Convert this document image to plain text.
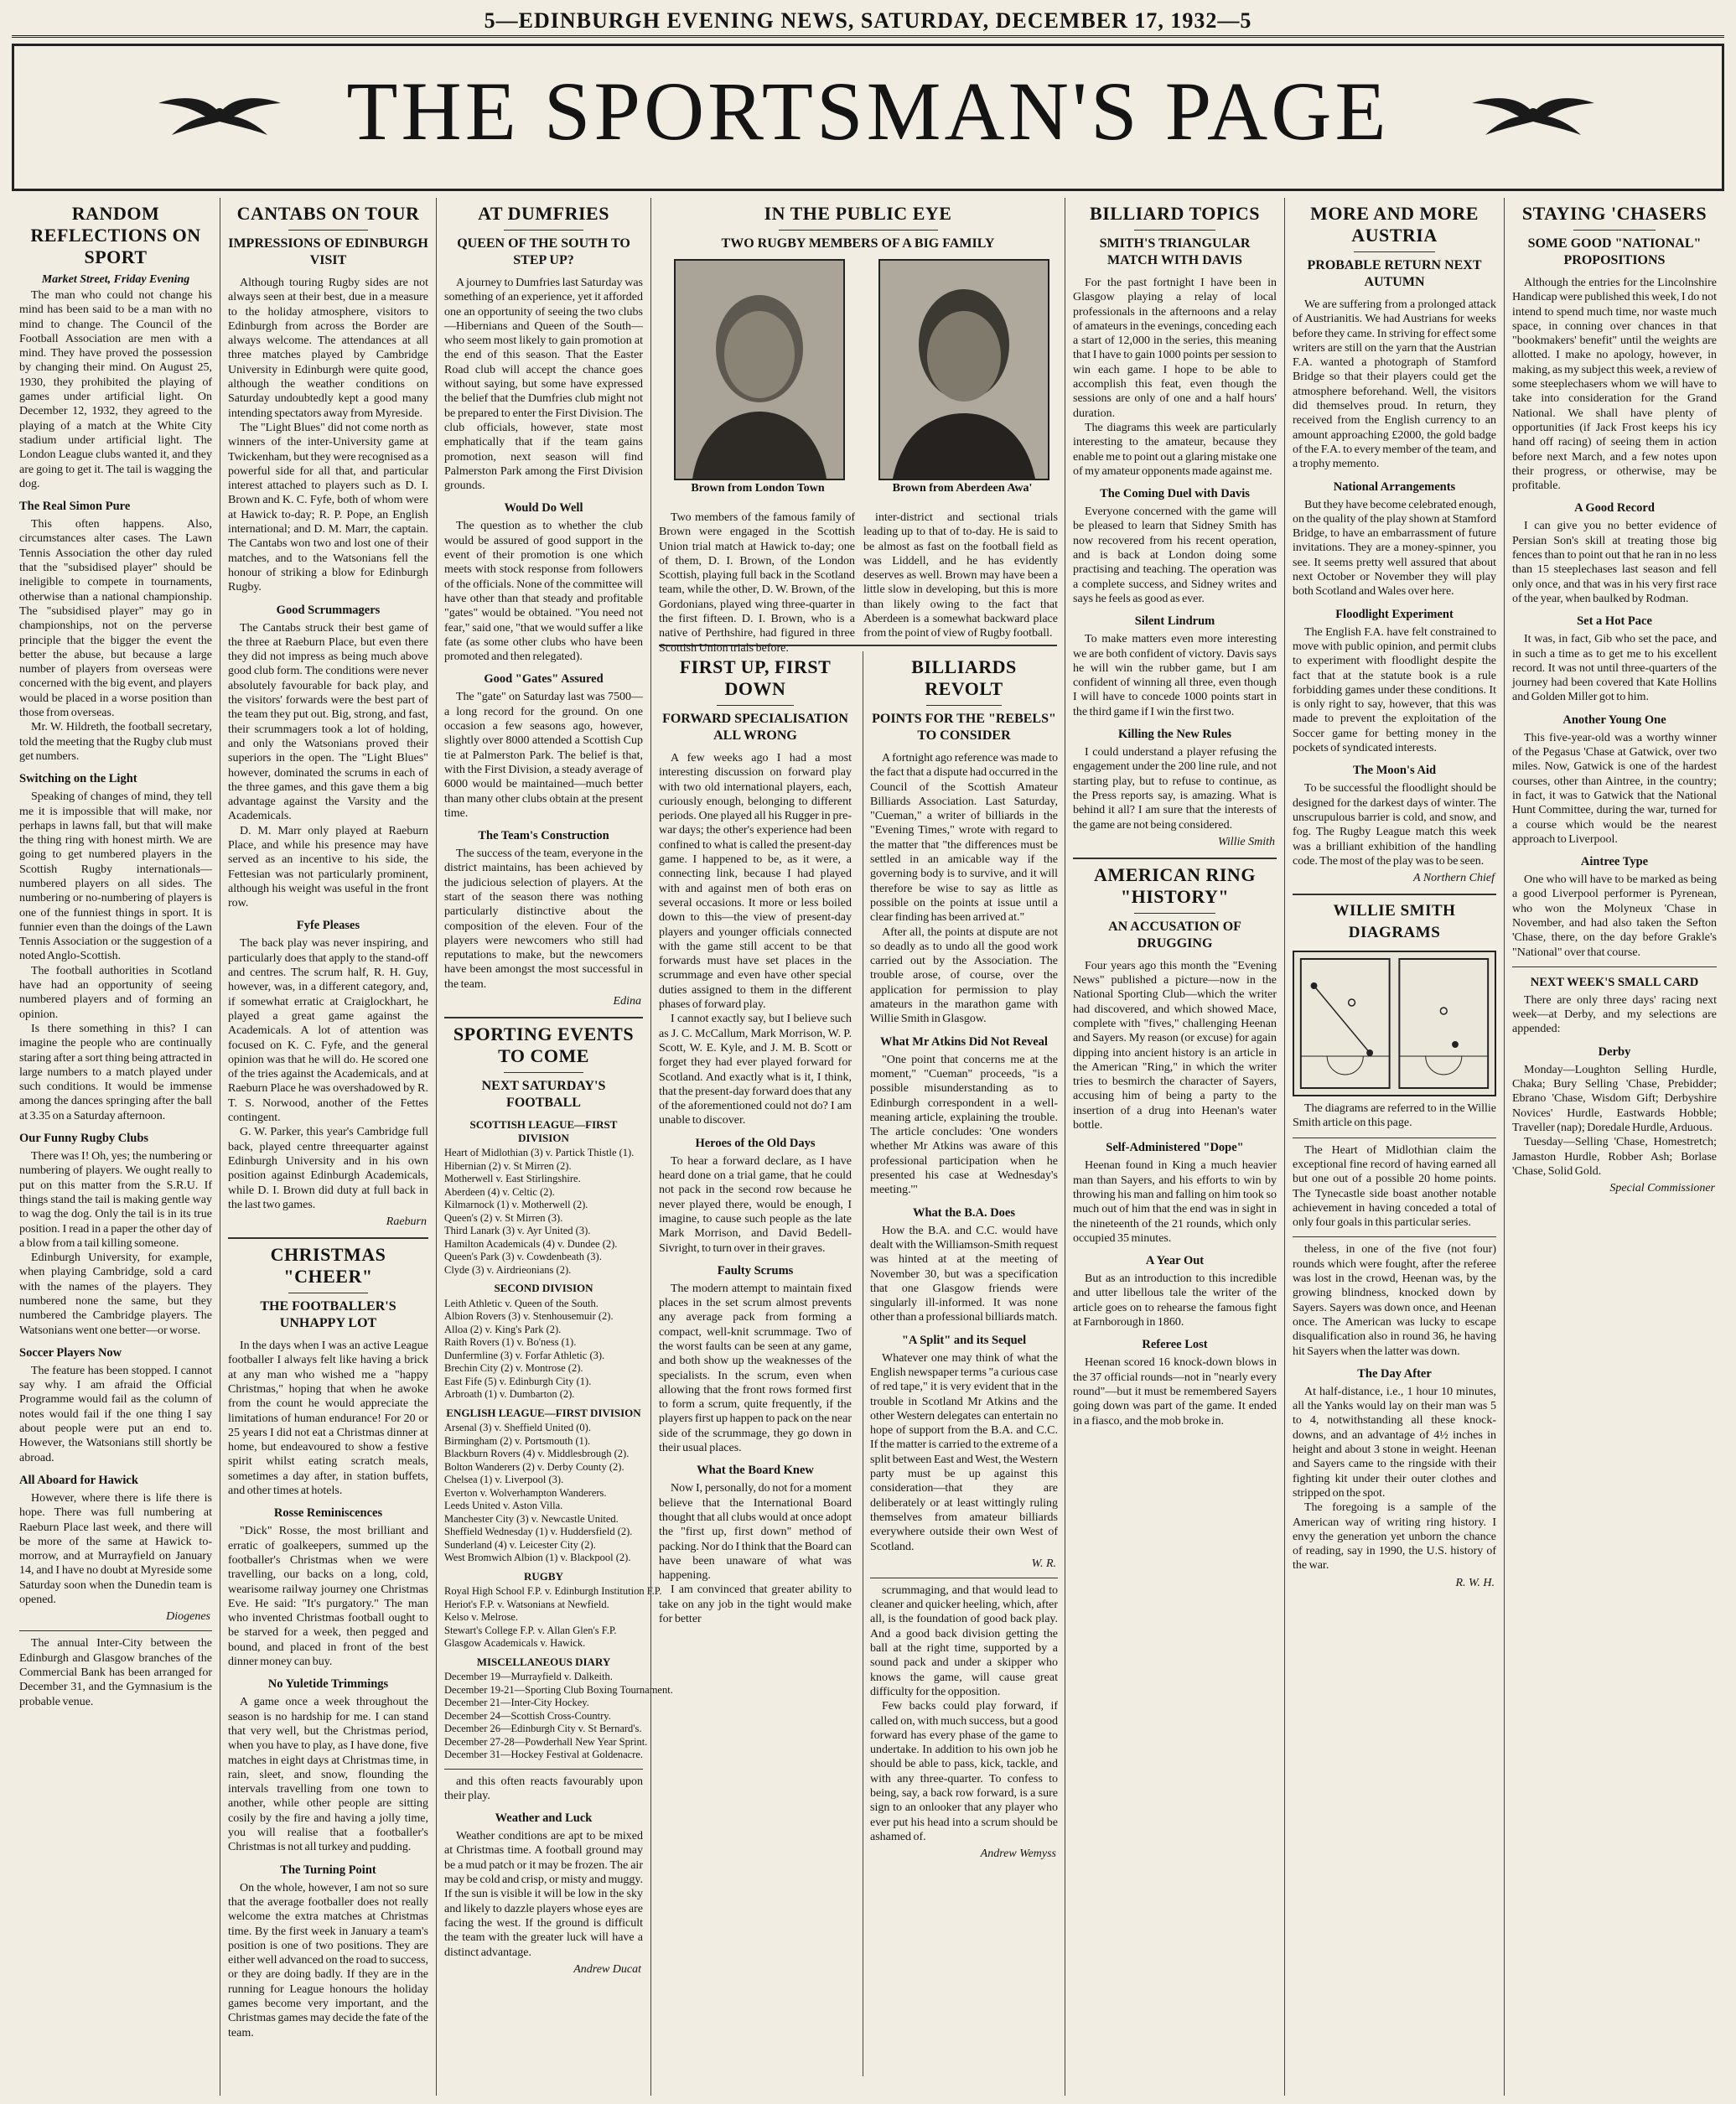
5—EDINBURGH EVENING NEWS, SATURDAY, DECEMBER 17, 1932—5
THE SPORTSMAN'S PAGE
RANDOM REFLECTIONS ON SPORT
Market Street, Friday Evening

The man who could not change his mind has been said to be a man with no mind to change. The Council of the Football Association are men with a mind. They have proved the possession by changing their mind. On August 25, 1930, they prohibited the playing of games under artificial light. On December 12, 1932, they agreed to the playing of a match at the White City stadium under artificial light. The London League clubs wanted it, and they are going to get it. The tail is wagging the dog.

The Real Simon Pure

This often happens. Also, circumstances alter cases. The Lawn Tennis Association the other day ruled that the "subsidised player" should be ineligible to compete in tournaments, otherwise than a national championship. The "subsidised player" may go in championships, not on the perverse principle that the bigger the event the better the abuse, but because a large number of players from overseas were concerned with the big event, and players would be placed in a worse position than those from overseas.

Mr. W. Hildreth, the football secretary, told the meeting that the Rugby club must get numbers.

Switching on the Light

Speaking of changes of mind, they tell me it is impossible that will make, nor perhaps in lawns fall, but that will make the thing ring with honest mirth. We are going to get numbered players in the Scottish Rugby internationals—numbered players on all sides. The numbering or no-numbering of players is one of the funniest things in sport. It is funnier even than the doings of the Lawn Tennis Association or the suggestion of a noted Anglo-Scottish.

The football authorities in Scotland have had an opportunity of seeing numbered players and of forming an opinion.

Is there something in this? I can imagine the people who are continually staring after a sort thing being attracted in large numbers to a match played under such conditions. It would be immense among the dances springing after the ball at 3.35 on a Saturday afternoon.

Our Funny Rugby Clubs

There was I! Oh, yes; the numbering or numbering of players. We ought really to put on this matter from the S.R.U. If things stand the tail is making gentle way to wag the dog. Only the tail is in its true position. I read in a paper the other day of a blow from a tail killing someone.

Edinburgh University, for example, when playing Cambridge, sold a card with the names of the players. They numbered none the same, but they numbered the Cambridge players. The Watsonians went one better—or worse.

Soccer Players Now

The feature has been stopped. I cannot say why. I am afraid the Official Programme would fail as the column of notes would fail if the one thing I say about people were put an end to. However, the Watsonians still shortly be abroad.

All Aboard for Hawick

However, where there is life there is hope. There was full numbering at Raeburn Place last week, and there will be more of the same at Hawick to-morrow, and at Murrayfield on January 14, and I have no doubt at Myreside some Saturday soon when the Dunedin team is opened.

Diogenes

The annual Inter-City between the Edinburgh and Glasgow branches of the Commercial Bank has been arranged for December 31, and the Gymnasium is the probable venue.

CANTABS ON TOUR
IMPRESSIONS OF EDINBURGH VISIT

Although touring Rugby sides are not always seen at their best, due in a measure to the holiday atmosphere, visitors to Edinburgh from across the Border are always welcome. The attendances at all three matches played by Cambridge University in Edinburgh were quite good, although the weather conditions on Saturday undoubtedly kept a good many intending spectators away from Myreside.

The "Light Blues" did not come north as winners of the inter-University game at Twickenham, but they were recognised as a powerful side for all that, and particular interest attached to players such as D. I. Brown and K. C. Fyfe, both of whom were at Hawick to-day; R. P. Pope, an English international; and D. M. Marr, the captain. The Cantabs won two and lost one of their matches, and to the Watsonians fell the honour of striking a blow for Edinburgh Rugby.

Good Scrummagers

The Cantabs struck their best game of the three at Raeburn Place, but even there they did not impress as being much above good club form. The conditions were never absolutely favourable for back play, and the visitors' forwards were the best part of the team they put out. Big, strong, and fast, their scrummagers took a lot of holding, and only the Watsonians proved their superiors in the open. The "Light Blues" however, dominated the scrums in each of the three games, and this gave them a big advantage against the Varsity and the Academicals.

D. M. Marr only played at Raeburn Place, and while his presence may have served as an incentive to his side, the Fettesian was not particularly prominent, although his weight was useful in the front row.

Fyfe Pleases

The back play was never inspiring, and particularly does that apply to the stand-off and centres. The scrum half, R. H. Guy, however, was, in a different category, and, if somewhat erratic at Craiglockhart, he played a great game against the Academicals. A lot of attention was focused on K. C. Fyfe, and the general opinion was that he will do. He scored one of the tries against the Academicals, and at Raeburn Place he was overshadowed by R. T. S. Norwood, another of the Fettes contingent.

G. W. Parker, this year's Cambridge full back, played centre threequarter against Edinburgh University and in his own position against Edinburgh Academicals, while D. I. Brown did duty at full back in the last two games.

Raeburn
CHRISTMAS "CHEER"
THE FOOTBALLER'S UNHAPPY LOT

In the days when I was an active League footballer I always felt like having a brick at any man who wished me a "happy Christmas," hoping that when he awoke from the count he would appreciate the limitations of human endurance! For 20 or 25 years I did not eat a Christmas dinner at home, but endeavoured to show a festive spirit whilst eating scratch meals, sometimes a day after, in station buffets, and other times at hotels.

Rosse Reminiscences

"Dick" Rosse, the most brilliant and erratic of goalkeepers, summed up the footballer's Christmas when we were travelling, our backs on a long, cold, wearisome railway journey one Christmas Eve. He said: "It's purgatory." The man who invented Christmas football ought to be starved for a week, then pegged and bound, and placed in front of the best dinner money can buy.

No Yuletide Trimmings

A game once a week throughout the season is no hardship for me. I can stand that very well, but the Christmas period, when you have to play, as I have done, five matches in eight days at Christmas time, in rain, sleet, and snow, flounding the intervals travelling from one town to another, while other people are sitting cosily by the fire and having a jolly time, you will realise that a footballer's Christmas is not all turkey and pudding.

The Turning Point

On the whole, however, I am not so sure that the average footballer does not really welcome the extra matches at Christmas time. By the first week in January a team's position is one of two positions. They are either well advanced on the road to success, or they are doing badly. If they are in the running for League honours the holiday games become very important, and the Christmas games may decide the fate of the team.

AT DUMFRIES
QUEEN OF THE SOUTH TO STEP UP?

A journey to Dumfries last Saturday was something of an experience, yet it afforded one an opportunity of seeing the two clubs—Hibernians and Queen of the South—who seem most likely to gain promotion at the end of this season. That the Easter Road club will accept the chance goes without saying, but some have expressed the belief that the Dumfries club might not be prepared to enter the First Division. The club officials, however, state most emphatically that if the team gains promotion, next season will find Palmerston Park among the First Division grounds.

Would Do Well

The question as to whether the club would be assured of good support in the event of their promotion is one which meets with stock response from followers of the officials. None of the committee will have other than that steady and profitable "gates" would be obtained. "You need not fear," said one, "that we would suffer a like fate (as some other clubs who have been promoted and then relegated).

Good "Gates" Assured

The "gate" on Saturday last was 7500—a long record for the ground. On one occasion a few seasons ago, however, slightly over 8000 attended a Scottish Cup tie at Palmerston Park. The belief is that, with the First Division, a steady average of 6000 would be maintained—much better than many other clubs obtain at the present time.

The Team's Construction

The success of the team, everyone in the district maintains, has been achieved by the judicious selection of players. At the start of the season there was nothing particularly distinctive about the composition of the eleven. Four of the players were newcomers who still had reputations to make, but the newcomers have been amongst the most successful in the team.

Edina
SPORTING EVENTS TO COME
NEXT SATURDAY'S FOOTBALL
SCOTTISH LEAGUE—FIRST DIVISION
Heart of Midlothian (3) v. Partick Thistle (1).
Hibernian (2) v. St Mirren (2).
Motherwell v. East Stirlingshire.
Aberdeen (4) v. Celtic (2).
Kilmarnock (1) v. Motherwell (2).
Queen's (2) v. St Mirren (3).
Third Lanark (3) v. Ayr United (3).
Hamilton Academicals (4) v. Dundee (2).
Queen's Park (3) v. Cowdenbeath (3).
Clyde (3) v. Airdrieonians (2).
SECOND DIVISION
Leith Athletic v. Queen of the South.
Albion Rovers (3) v. Stenhousemuir (2).
Alloa (2) v. King's Park (2).
Raith Rovers (1) v. Bo'ness (1).
Dunfermline (3) v. Forfar Athletic (3).
Brechin City (2) v. Montrose (2).
East Fife (5) v. Edinburgh City (1).
Arbroath (1) v. Dumbarton (2).
ENGLISH LEAGUE—FIRST DIVISION
Arsenal (3) v. Sheffield United (0).
Birmingham (2) v. Portsmouth (1).
Blackburn Rovers (4) v. Middlesbrough (2).
Bolton Wanderers (2) v. Derby County (2).
Chelsea (1) v. Liverpool (3).
Everton v. Wolverhampton Wanderers.
Leeds United v. Aston Villa.
Manchester City (3) v. Newcastle United.
Sheffield Wednesday (1) v. Huddersfield (2).
Sunderland (4) v. Leicester City (2).
West Bromwich Albion (1) v. Blackpool (2).
RUGBY
Royal High School F.P. v. Edinburgh Institution F.P.
Heriot's F.P. v. Watsonians at Newfield.
Kelso v. Melrose.
Stewart's College F.P. v. Allan Glen's F.P.
Glasgow Academicals v. Hawick.
MISCELLANEOUS DIARY
December 19—Murrayfield v. Dalkeith.
December 19-21—Sporting Club Boxing Tournament.
December 21—Inter-City Hockey.
December 24—Scottish Cross-Country.
December 26—Edinburgh City v. St Bernard's.
December 27-28—Powderhall New Year Sprint.
December 31—Hockey Festival at Goldenacre.

and this often reacts favourably upon their play.

Weather and Luck

Weather conditions are apt to be mixed at Christmas time. A football ground may be a mud patch or it may be frozen. The air may be cold and crisp, or misty and muggy. If the sun is visible it will be low in the sky and likely to dazzle players whose eyes are facing the west. If the ground is difficult the team with the greater luck will have a distinct advantage.

Andrew Ducat
IN THE PUBLIC EYE
TWO RUGBY MEMBERS OF A BIG FAMILY
Brown from London Town	Brown from Aberdeen Awa'

Two members of the famous family of Brown were engaged in the Scottish Union trial match at Hawick to-day; one of them, D. I. Brown, of the London Scottish, playing full back in the Scotland team, while the other, D. W. Brown, of the Gordonians, played wing three-quarter in the first fifteen. D. I. Brown, who is a native of Perthshire, had figured in three Scottish Union trials before.

inter-district and sectional trials leading up to that of to-day. He is said to be almost as fast on the football field as was Liddell, and he has evidently deserves as well. Brown may have been a little slow in developing, but this is more than likely owing to the fact that Aberdeen is a somewhat backward place from the point of view of Rugby football.

FIRST UP, FIRST DOWN
FORWARD SPECIALISATION ALL WRONG

A few weeks ago I had a most interesting discussion on forward play with two old international players, each, curiously enough, belonging to different periods. One played all his Rugger in pre-war days; the other's experience had been confined to what is called the present-day game. I happened to be, as it were, a connecting link, because I had played with and against men of both eras on several occasions. It more or less boiled down to this—the view of present-day players and younger officials connected with the game still accent to be that forwards must have set places in the scrummage and even have other special duties assigned to them in the different phases of forward play.

I cannot exactly say, but I believe such as J. C. McCallum, Mark Morrison, W. P. Scott, W. E. Kyle, and J. M. B. Scott or forget they had ever played forward for Scotland. And exactly what is it, I think, that the present-day forward does that any of the aforementioned could not do? I am unable to discover.

Heroes of the Old Days

To hear a forward declare, as I have heard done on a trial game, that he could not pack in the second row because he never played there, would be enough, I imagine, to cause such people as the late Mark Morrison, and David Bedell-Sivright, to turn over in their graves.

Faulty Scrums

The modern attempt to maintain fixed places in the set scrum almost prevents any average pack from forming a compact, well-knit scrummage. Two of the worst faults can be seen at any game, and both show up the weaknesses of the specialists. In the scrum, even when allowing that the front rows formed first to form a scrum, quite frequently, if the players first up happen to pack on the near side of the scrummage, they go down in their usual places.

What the Board Knew

Now I, personally, do not for a moment believe that the International Board thought that all clubs would at once adopt the "first up, first down" method of packing. Nor do I think that the Board can have been unaware of what was happening.

I am convinced that greater ability to take on any job in the tight would make for better

BILLIARDS REVOLT
POINTS FOR THE "REBELS" TO CONSIDER

A fortnight ago reference was made to the fact that a dispute had occurred in the Council of the Scottish Amateur Billiards Association. Last Saturday, "Cueman," a writer of billiards in the "Evening Times," wrote with regard to the matter that "the differences must be settled in an amicable way if the governing body is to survive, and it will therefore be wise to say as little as possible on the points at issue until a clear finding has been arrived at."

After all, the points at dispute are not so deadly as to undo all the good work carried out by the Association. The trouble arose, of course, over the application for permission to play amateurs in the marathon game with Willie Smith in Glasgow.

What Mr Atkins Did Not Reveal

"One point that concerns me at the moment," "Cueman" proceeds, "is a possible misunderstanding as to Edinburgh correspondent in a well-meaning article, explaining the trouble. The article concludes: 'One wonders whether Mr Atkins was aware of this professional participation when he presented his case at Wednesday's meeting.'"

What the B.A. Does

How the B.A. and C.C. would have dealt with the Williamson-Smith request was hinted at at the meeting of November 30, but was a specification that one Glasgow friends were singularly ill-informed. It was none other than a professional billiards match.

"A Split" and its Sequel

Whatever one may think of what the English newspaper terms "a curious case of red tape," it is very evident that in the trouble in Scotland Mr Atkins and the other Western delegates can entertain no hope of support from the B.A. and C.C. If the matter is carried to the extreme of a split between East and West, the Western party must be up against this consideration—that they are deliberately or at least wittingly ruling themselves from amateur billiards everywhere outside their own West of Scotland.

W. R.

scrummaging, and that would lead to cleaner and quicker heeling, which, after all, is the foundation of good back play. And a good back division getting the ball at the right time, supported by a sound pack and under a skipper who knows the game, will cause great difficulty for the opposition.

Few backs could play forward, if called on, with much success, but a good forward has every phase of the game to undertake. In addition to his own job he should be able to pass, kick, tackle, and with any three-quarter. To confess to being, say, a back row forward, is a sure sign to an onlooker that any player who ever put his head into a scrum should be ashamed of.

Andrew Wemyss
BILLIARD TOPICS
SMITH'S TRIANGULAR MATCH WITH DAVIS

For the past fortnight I have been in Glasgow playing a relay of local professionals in the afternoons and a relay of amateurs in the evenings, conceding each a start of 12,000 in the series, this meaning that I have to gain 1000 points per session to win each game. I hope to be able to accomplish this feat, even though the sessions are only of one and a half hours' duration.

The diagrams this week are particularly interesting to the amateur, because they enable me to point out a glaring mistake one of my amateur opponents made against me.

The Coming Duel with Davis

Everyone concerned with the game will be pleased to learn that Sidney Smith has now recovered from his recent operation, and is back at London doing some practising and teaching. The operation was a complete success, and Sidney writes and says he feels as good as ever.

Silent Lindrum

To make matters even more interesting we are both confident of victory. Davis says he will win the rubber game, but I am confident of winning all three, even though I will have to concede 1000 points start in the third game if I win the first two.

Killing the New Rules

I could understand a player refusing the engagement under the 200 line rule, and not starting play, but to refuse to continue, as the Press reports say, is amazing. What is behind it all? I am sure that the interests of the game are not being considered.

Willie Smith
AMERICAN RING "HISTORY"
AN ACCUSATION OF DRUGGING

Four years ago this month the "Evening News" published a picture—now in the National Sporting Club—which the writer had discovered, and which showed Mace, complete with "fives," challenging Heenan and Sayers. My reason (or excuse) for again dipping into ancient history is an article in the American "Ring," in which the writer tries to besmirch the character of Sayers, accusing him of being a party to the insertion of a drug into Heenan's water bottle.

Self-Administered "Dope"

Heenan found in King a much heavier man than Sayers, and his efforts to win by throwing his man and falling on him took so much out of him that the end was in sight in the nineteenth of the 21 rounds, which only occupied 35 minutes.

A Year Out

But as an introduction to this incredible and utter libellous tale the writer of the article goes on to rehearse the famous fight at Farnborough in 1860.

Referee Lost

Heenan scored 16 knock-down blows in the 37 official rounds—not in "nearly every round"—but it must be remembered Sayers going down was part of the game. It ended in a fiasco, and the mob broke in.

MORE AND MORE AUSTRIA
PROBABLE RETURN NEXT AUTUMN

We are suffering from a prolonged attack of Austrianitis. We had Austrians for weeks before they came. In striving for effect some writers are still on the yarn that the Austrian F.A. wanted a photograph of Stamford Bridge so that their players could get the atmosphere beforehand. Well, the visitors did themselves proud. In return, they received from the English currency to an amount approaching £2000, the gold badge of the F.A. to every member of the team, and a trophy memento.

National Arrangements

But they have become celebrated enough, on the quality of the play shown at Stamford Bridge, to have an embarrassment of future invitations. They are a money-spinner, you see. It seems pretty well assured that about next October or November they will play both Scotland and Wales over here.

Floodlight Experiment

The English F.A. have felt constrained to move with public opinion, and permit clubs to experiment with floodlight despite the fact that at the statute book is a rule forbidding games under these conditions. It is only right to say, however, that this was made to prevent the exploitation of the Soccer game for betting money in the pockets of syndicated interests.

The Moon's Aid

To be successful the floodlight should be designed for the darkest days of winter. The unscrupulous barrier is cold, and snow, and fog. The Rugby League match this week was a brilliant exhibition of the handling code. The most of the play was to be seen.

A Northern Chief
WILLIE SMITH DIAGRAMS

The diagrams are referred to in the Willie Smith article on this page.

The Heart of Midlothian claim the exceptional fine record of having earned all but one out of a possible 20 home points. The Tynecastle side boast another notable achievement in having conceded a total of only four goals in this particular series.

theless, in one of the five (not four) rounds which were fought, after the referee was lost in the crowd, Heenan was, by the growing blindness, knocked down by Sayers. Sayers was down once, and Heenan once. The American was lucky to escape disqualification also in round 36, he having hit Sayers when the latter was down.

The Day After

At half-distance, i.e., 1 hour 10 minutes, all the Yanks would lay on their man was 5 to 4, notwithstanding all these knock-downs, and an advantage of 4½ inches in height and about 3 stone in weight. Heenan and Sayers came to the ringside with their fighting kit under their outer clothes and stripped on the spot.

The foregoing is a sample of the American way of writing ring history. I envy the generation yet unborn the chance of reading, say in 1990, the U.S. history of the war.

R. W. H.
STAYING 'CHASERS
SOME GOOD "NATIONAL" PROPOSITIONS

Although the entries for the Lincolnshire Handicap were published this week, I do not intend to spend much time, nor waste much space, in conning over chances in that "bookmakers' benefit" until the weights are allotted. I make no apology, however, in making, as my subject this week, a review of some steeplechasers whom we will have to take into consideration for the Grand National. We shall have plenty of opportunities (if Jack Frost keeps his icy hand off racing) of seeing them in action before next March, and a few notes upon their progress, or otherwise, may be profitable.

A Good Record

I can give you no better evidence of Persian Son's skill at treating those big fences than to point out that he ran in no less than 15 steeplechases last season and fell only once, and that was in his very first race of the year, when baulked by Rodman.

Set a Hot Pace

It was, in fact, Gib who set the pace, and in such a time as to get me to his excellent record. It was not until three-quarters of the journey had been covered that Kate Hollins and Golden Miller got to him.

Another Young One

This five-year-old was a worthy winner of the Pegasus 'Chase at Gatwick, over two miles. Now, Gatwick is one of the hardest courses, other than Aintree, in the country; in fact, it was to Gatwick that the National Hunt Committee, during the war, turned for a course which would be the nearest approach to Liverpool.

Aintree Type

One who will have to be marked as being a good Liverpool performer is Pyrenean, who won the Molyneux 'Chase in November, and had also taken the Sefton 'Chase, there, on the day before Grakle's "National" over that course.

NEXT WEEK'S SMALL CARD

There are only three days' racing next week—at Derby, and my selections are appended:

Derby

Monday—Loughton Selling Hurdle, Chaka; Bury Selling 'Chase, Prebidder; Ebrano 'Chase, Wisdom Gift; Derbyshire Novices' Hurdle, Eastwards Hobble; Traveller (nap); Doredale Hurdle, Arduous.

Tuesday—Selling 'Chase, Homestretch; Jamaston Hurdle, Robber Ash; Borlase 'Chase, Solid Gold.

Special Commissioner
